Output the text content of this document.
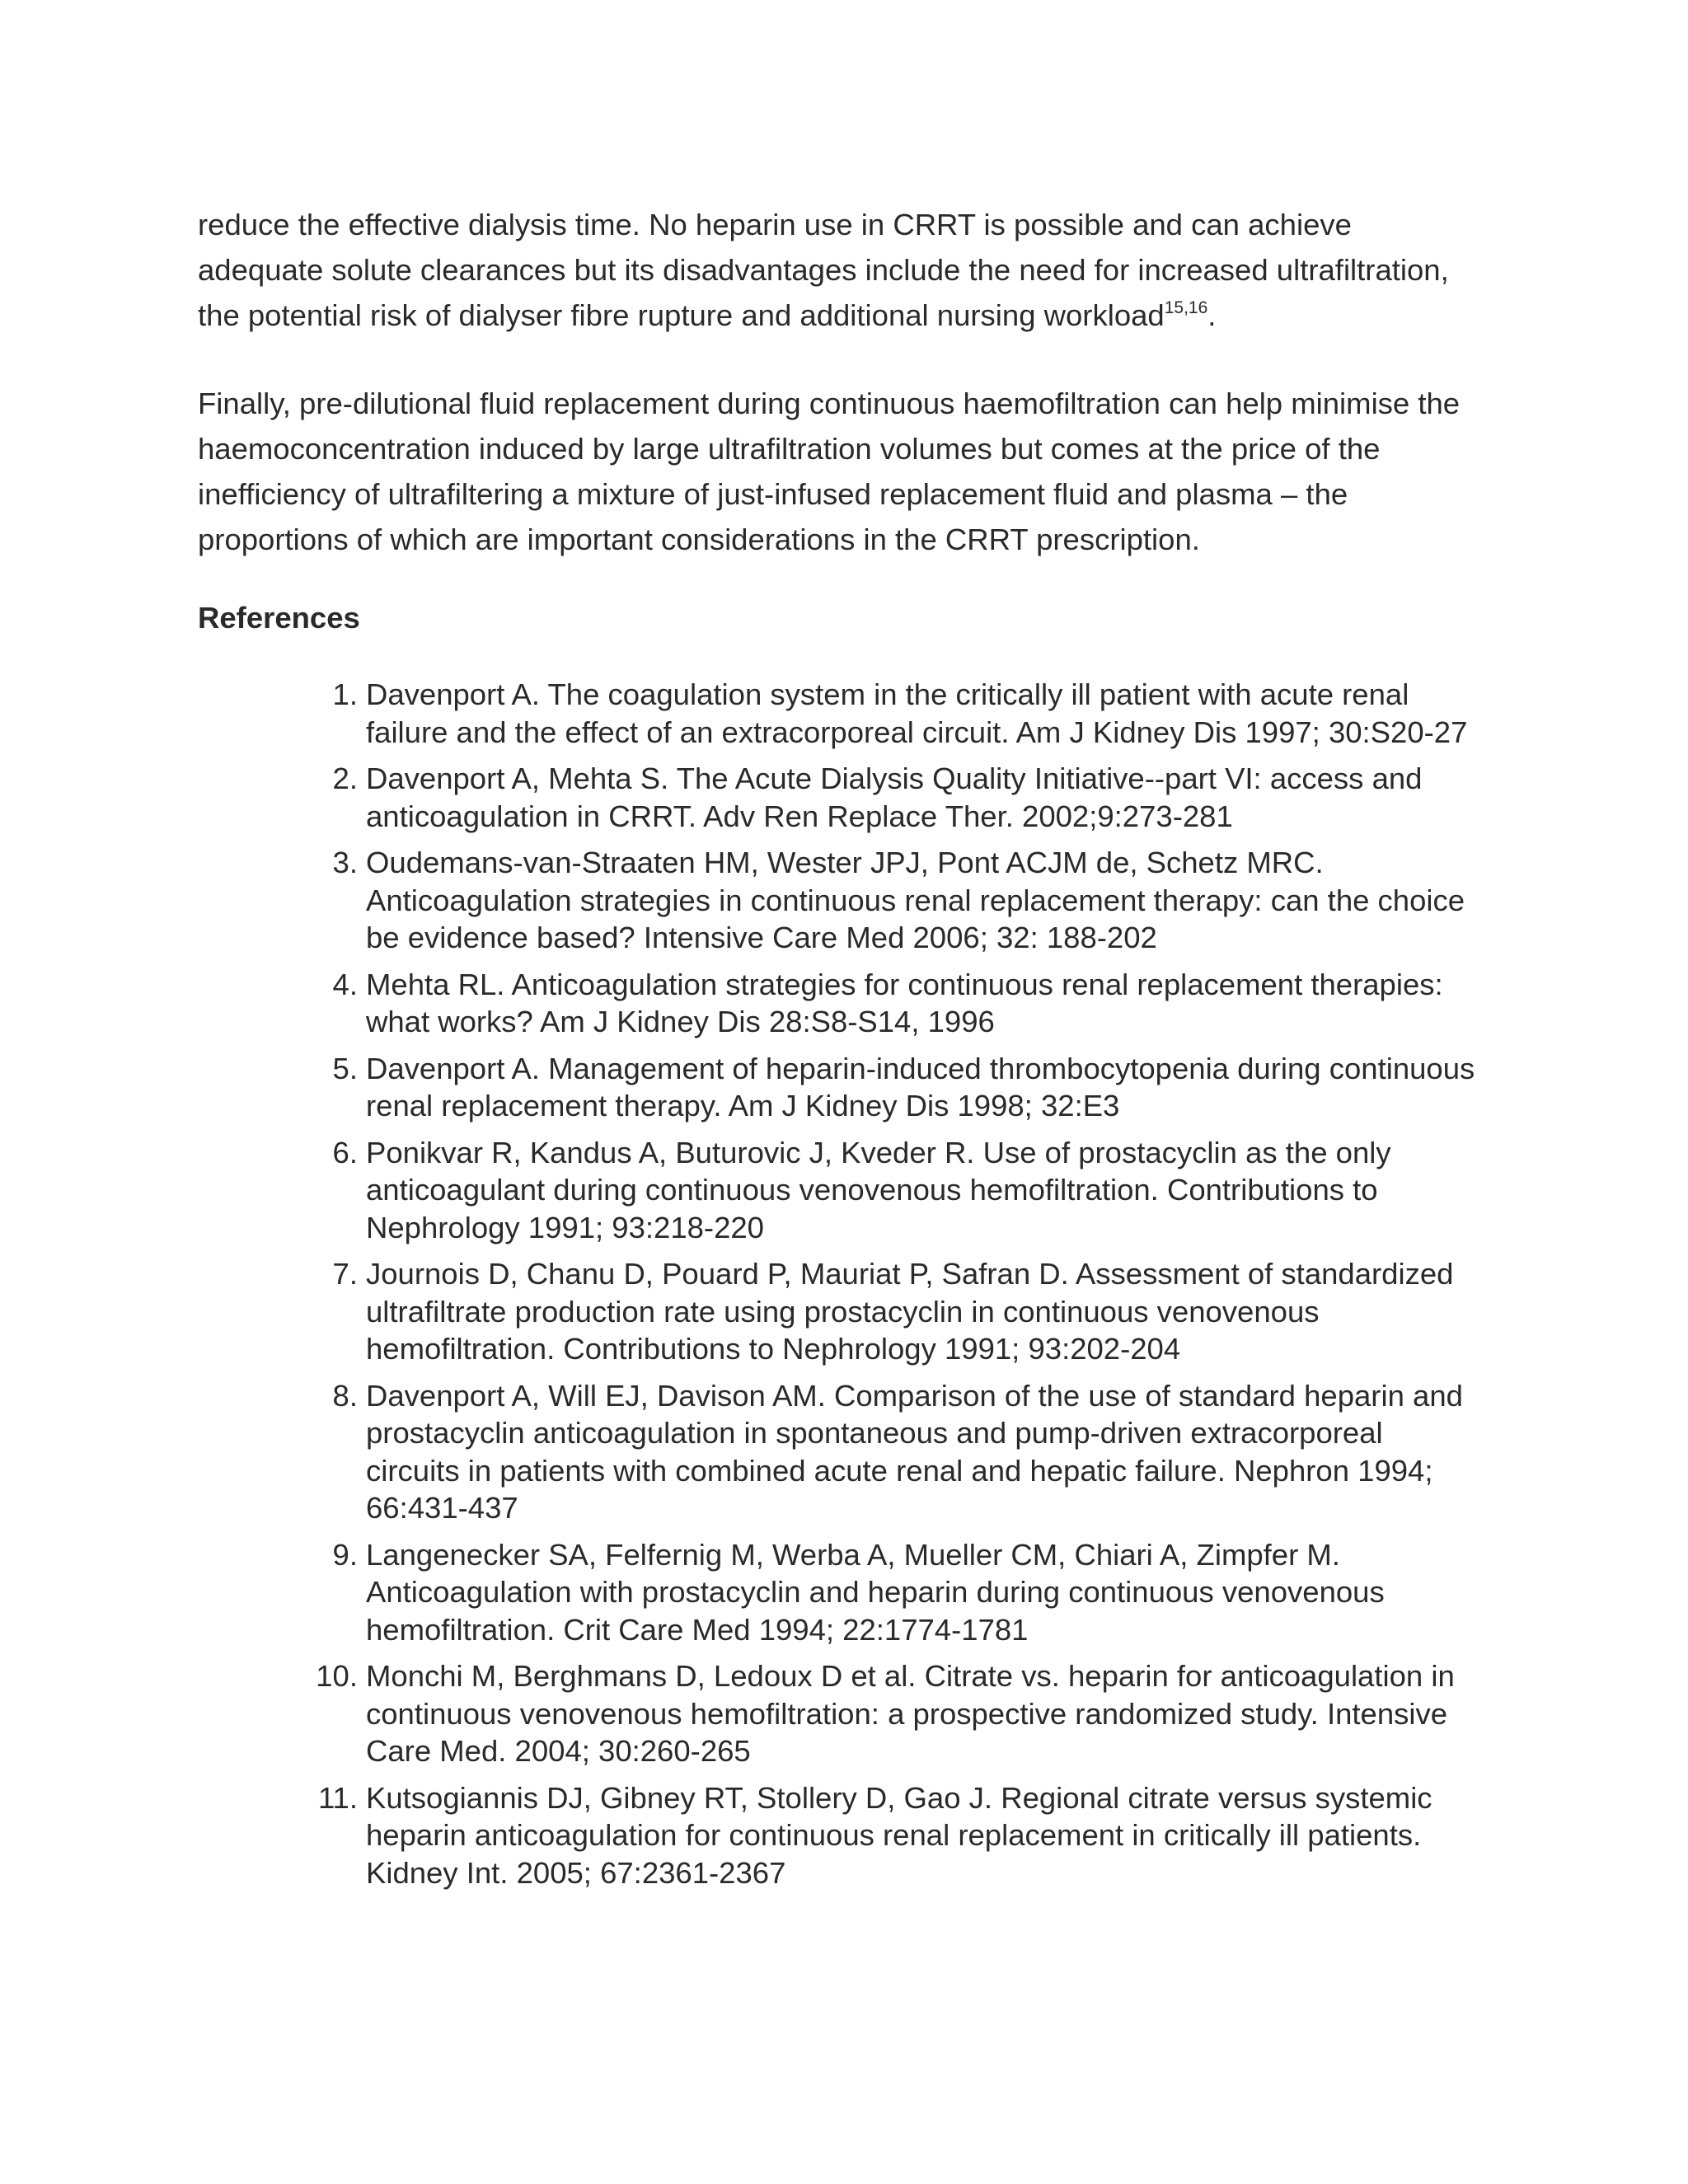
reduce the effective dialysis time. No heparin use in CRRT is possible and can achieve adequate solute clearances but its disadvantages include the need for increased ultrafiltration, the potential risk of dialyser fibre rupture and additional nursing workload$^{15,16}$.

Finally, pre-dilutional fluid replacement during continuous haemofiltration can help minimise the haemoconcentration induced by large ultrafiltration volumes but comes at the price of the inefficiency of ultrafiltering a mixture of just-infused replacement fluid and plasma – the proportions of which are important considerations in the CRRT prescription.

References
1. Davenport A. The coagulation system in the critically ill patient with acute renal failure and the effect of an extracorporeal circuit. Am J Kidney Dis 1997; 30:S20-27
2. Davenport A, Mehta S. The Acute Dialysis Quality Initiative--part VI: access and anticoagulation in CRRT. Adv Ren Replace Ther. 2002;9:273-281
3. Oudemans-van-Straaten HM, Wester JPJ, Pont ACJM de, Schetz MRC. Anticoagulation strategies in continuous renal replacement therapy: can the choice be evidence based? Intensive Care Med 2006; 32: 188-202
4. Mehta RL. Anticoagulation strategies for continuous renal replacement therapies: what works? Am J Kidney Dis 28:S8-S14, 1996
5. Davenport A. Management of heparin-induced thrombocytopenia during continuous renal replacement therapy. Am J Kidney Dis 1998; 32:E3
6. Ponikvar R, Kandus A, Buturovic J, Kveder R. Use of prostacyclin as the only anticoagulant during continuous venovenous hemofiltration. Contributions to Nephrology 1991; 93:218-220
7. Journois D, Chanu D, Pouard P, Mauriat P, Safran D. Assessment of standardized ultrafiltrate production rate using prostacyclin in continuous venovenous hemofiltration. Contributions to Nephrology 1991; 93:202-204
8. Davenport A, Will EJ, Davison AM. Comparison of the use of standard heparin and prostacyclin anticoagulation in spontaneous and pump-driven extracorporeal circuits in patients with combined acute renal and hepatic failure. Nephron 1994; 66:431-437
9. Langenecker SA, Felfernig M, Werba A, Mueller CM, Chiari A, Zimpfer M. Anticoagulation with prostacyclin and heparin during continuous venovenous hemofiltration. Crit Care Med 1994; 22:1774-1781
10. Monchi M, Berghmans D, Ledoux D et al. Citrate vs. heparin for anticoagulation in continuous venovenous hemofiltration: a prospective randomized study. Intensive Care Med. 2004; 30:260-265
11. Kutsogiannis DJ, Gibney RT, Stollery D, Gao J. Regional citrate versus systemic heparin anticoagulation for continuous renal replacement in critically ill patients. Kidney Int. 2005; 67:2361-2367
